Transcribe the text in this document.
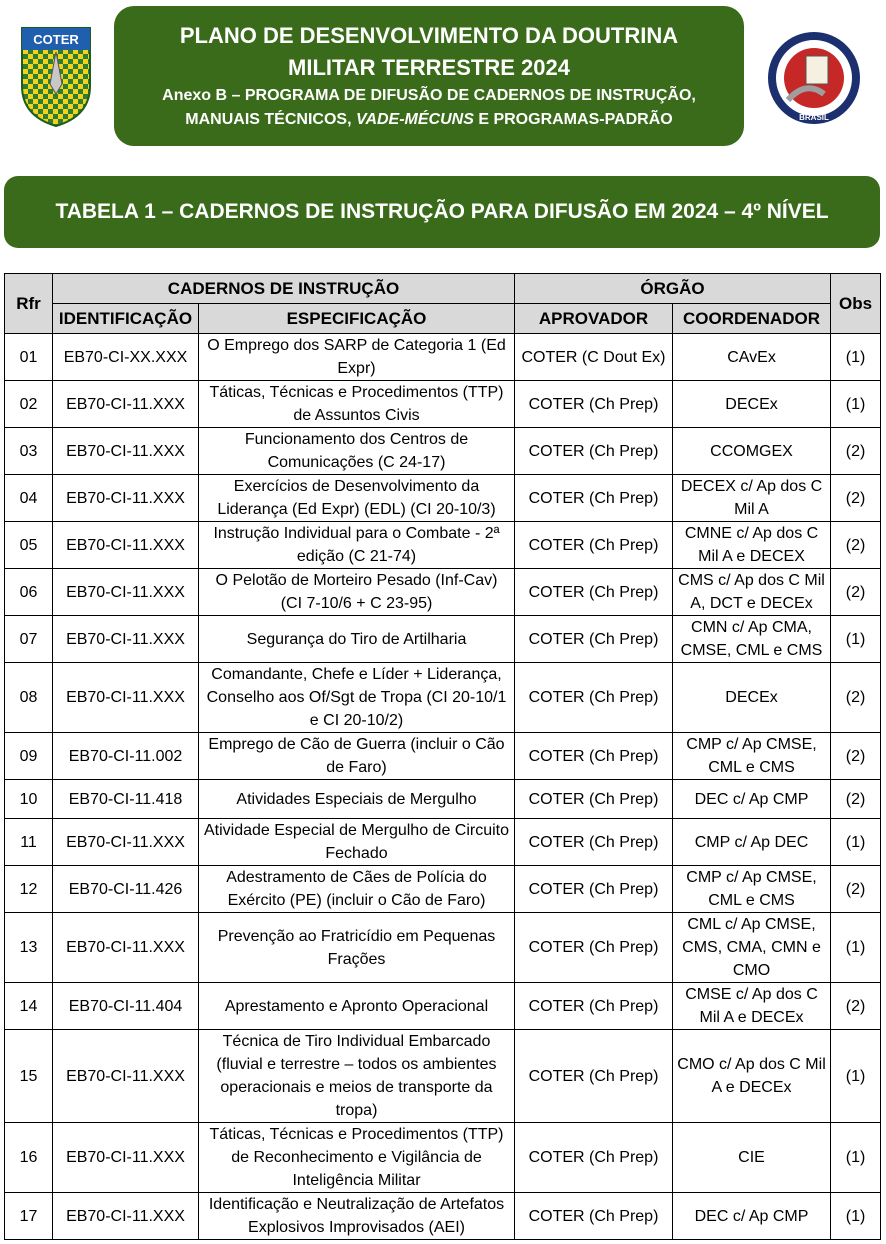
COTER	PLANO DE DESENVOLVIMENTO DA DOUTRINA
MILITAR TERRESTRE 2024
Anexo B – PROGRAMA DE DIFUSÃO DE CADERNOS DE INSTRUÇÃO,
MANUAIS TÉCNICOS, VADE-MÉCUNS E PROGRAMAS-PADRÃO	BRASIL
TABELA 1 – CADERNOS DE INSTRUÇÃO PARA DIFUSÃO EM 2024 – 4º NÍVEL
Rfr	CADERNOS DE INSTRUÇÃO		ÓRGÃO		Obs
	IDENTIFICAÇÃO	ESPECIFICAÇÃO	APROVADOR	COORDENADOR	
01	EB70-CI-XX.XXX	O Emprego dos SARP de Categoria 1 (Ed Expr)	COTER (C Dout Ex)	CAvEx	(1)
02	EB70-CI-11.XXX	Táticas, Técnicas e Procedimentos (TTP) de Assuntos Civis	COTER (Ch Prep)	DECEx	(1)
03	EB70-CI-11.XXX	Funcionamento dos Centros de Comunicações (C 24-17)	COTER (Ch Prep)	CCOMGEX	(2)
04	EB70-CI-11.XXX	Exercícios de Desenvolvimento da Liderança (Ed Expr) (EDL) (CI 20-10/3)	COTER (Ch Prep)	DECEX c/ Ap dos C Mil A	(2)
05	EB70-CI-11.XXX	Instrução Individual para o Combate - 2ª edição (C 21-74)	COTER (Ch Prep)	CMNE c/ Ap dos C Mil A e DECEX	(2)
06	EB70-CI-11.XXX	O Pelotão de Morteiro Pesado (Inf-Cav) (CI 7-10/6 + C 23-95)	COTER (Ch Prep)	CMS c/ Ap dos C Mil A, DCT e DECEx	(2)
07	EB70-CI-11.XXX	Segurança do Tiro de Artilharia	COTER (Ch Prep)	CMN c/ Ap CMA, CMSE, CML e CMS	(1)
08	EB70-CI-11.XXX	Comandante, Chefe e Líder + Liderança, Conselho aos Of/Sgt de Tropa (CI 20-10/1 e CI 20-10/2)	COTER (Ch Prep)	DECEx	(2)
09	EB70-CI-11.002	Emprego de Cão de Guerra (incluir o Cão de Faro)	COTER (Ch Prep)	CMP c/ Ap CMSE, CML e CMS	(2)
10	EB70-CI-11.418	Atividades Especiais de Mergulho	COTER (Ch Prep)	DEC c/ Ap CMP	(2)
11	EB70-CI-11.XXX	Atividade Especial de Mergulho de Circuito Fechado	COTER (Ch Prep)	CMP c/ Ap DEC	(1)
12	EB70-CI-11.426	Adestramento de Cães de Polícia do Exército (PE) (incluir o Cão de Faro)	COTER (Ch Prep)	CMP c/ Ap CMSE, CML e CMS	(2)
13	EB70-CI-11.XXX	Prevenção ao Fratricídio em Pequenas Frações	COTER (Ch Prep)	CML c/ Ap CMSE, CMS, CMA, CMN e CMO	(1)
14	EB70-CI-11.404	Aprestamento e Apronto Operacional	COTER (Ch Prep)	CMSE c/ Ap dos C Mil A e DECEx	(2)
15	EB70-CI-11.XXX	Técnica de Tiro Individual Embarcado (fluvial e terrestre – todos os ambientes operacionais e meios de transporte da tropa)	COTER (Ch Prep)	CMO c/ Ap dos C Mil A e DECEx	(1)
16	EB70-CI-11.XXX	Táticas, Técnicas e Procedimentos (TTP) de Reconhecimento e Vigilância de Inteligência Militar	COTER (Ch Prep)	CIE	(1)
17	EB70-CI-11.XXX	Identificação e Neutralização de Artefatos Explosivos Improvisados (AEI)	COTER (Ch Prep)	DEC c/ Ap CMP	(1)
